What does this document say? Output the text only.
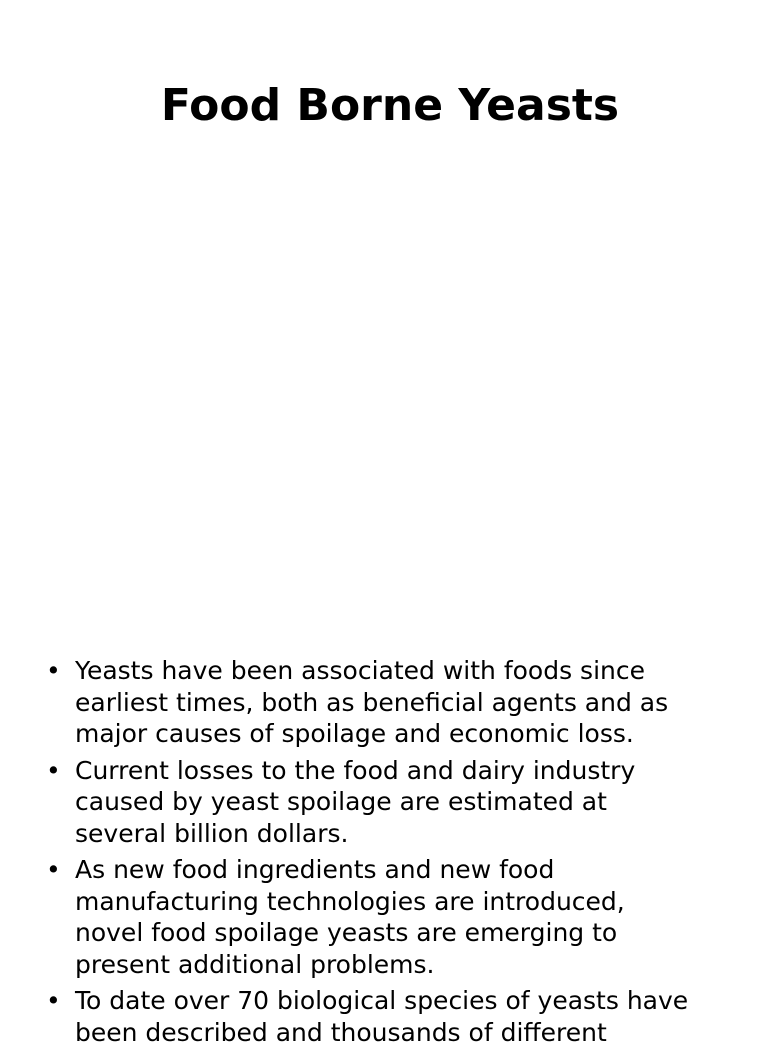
Food Borne Yeasts
• Yeasts have been associated with foods since
earliest times, both as beneficial agents and as
major causes of spoilage and economic loss.
• Current losses to the food and dairy industry
caused by yeast spoilage are estimated at
several billion dollars.
• As new food ingredients and new food
manufacturing technologies are introduced,
novel food spoilage yeasts are emerging to
present additional problems.
• To date over 70 biological species of yeasts have
been described and thousands of different
